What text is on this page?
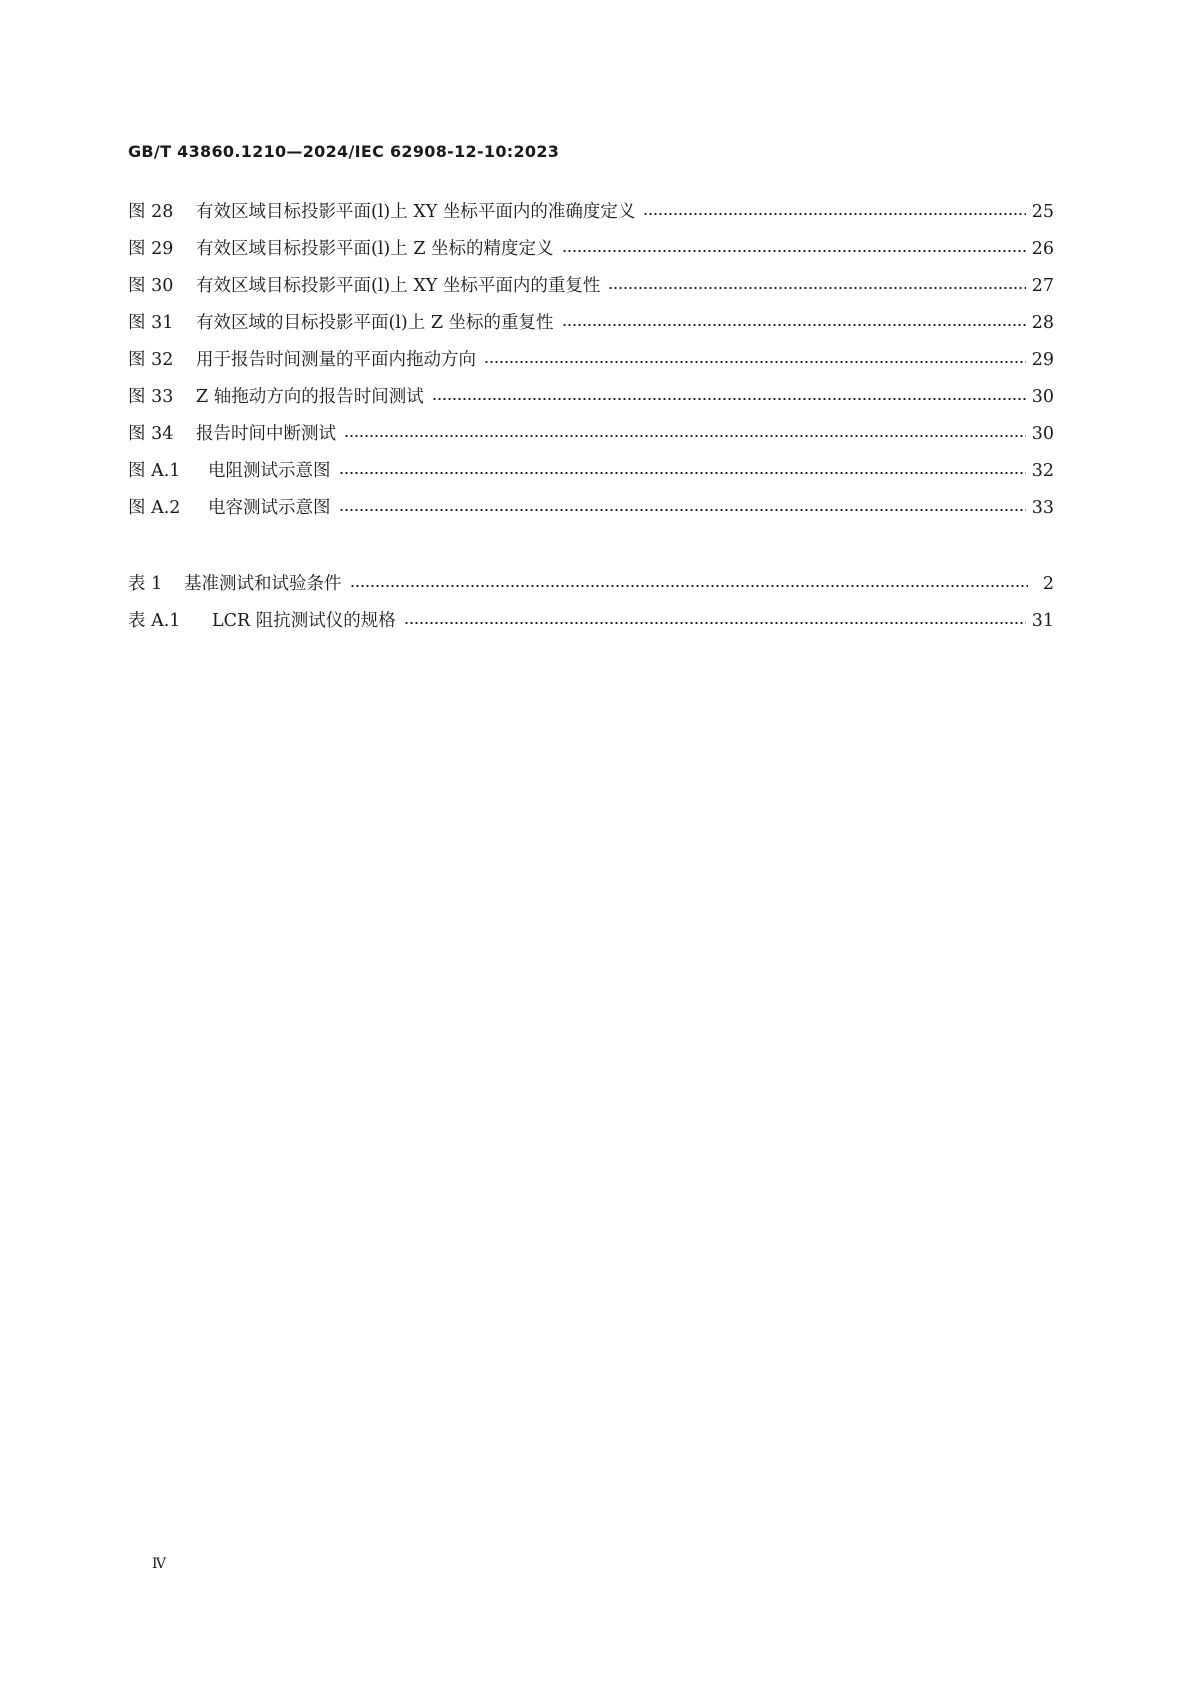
GB/T 43860.1210—2024/IEC 62908-12-10:2023
图 28	有效区域目标投影平面(l)上 XY 坐标平面内的准确度定义	25
图 29	有效区域目标投影平面(l)上 Z 坐标的精度定义	26
图 30	有效区域目标投影平面(l)上 XY 坐标平面内的重复性	27
图 31	有效区域的目标投影平面(l)上 Z 坐标的重复性	28
图 32	用于报告时间测量的平面内拖动方向	29
图 33	Z 轴拖动方向的报告时间测试	30
图 34	报告时间中断测试	30
图 A.1	电阻测试示意图	32
图 A.2	电容测试示意图	33
表 1	基准测试和试验条件	2
表 A.1	LCR 阻抗测试仪的规格	31
Ⅳ
